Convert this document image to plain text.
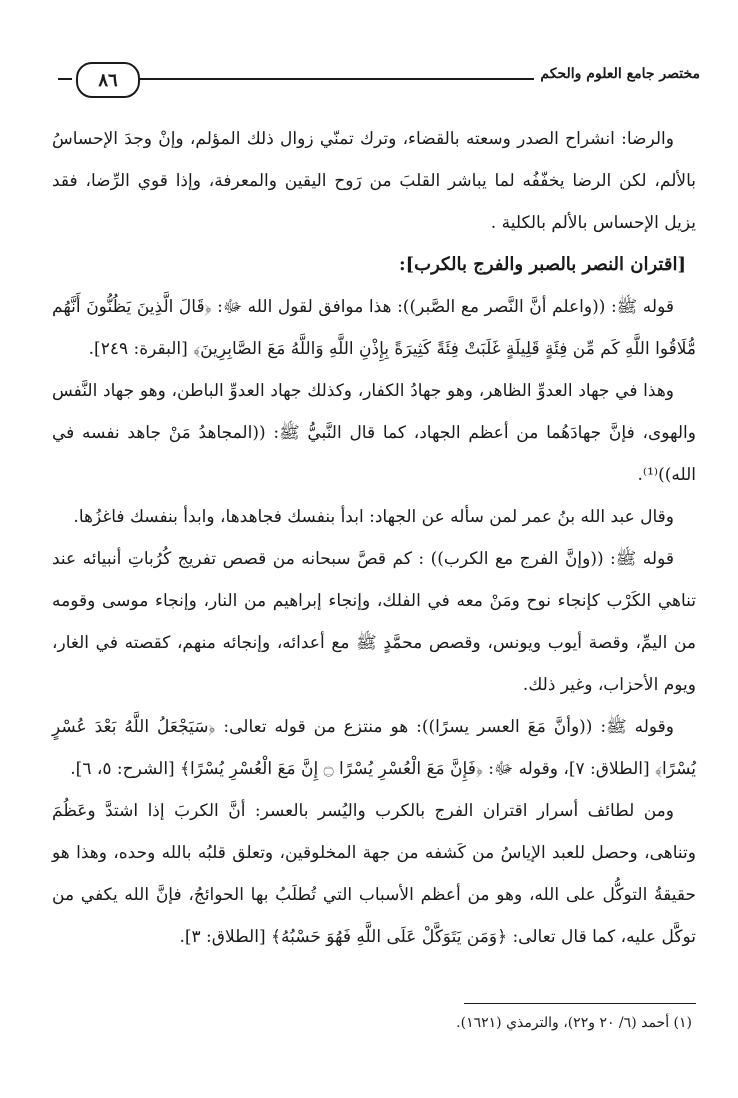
٨٦	مختصر جامع العلوم والحكم

والرضا: انشراح الصدر وسعته بالقضاء، وترك تمنّي زوال ذلك المؤلم، وإنْ وجدَ الإحساسُ بالألم، لكن الرضا يخفّفُه لما يباشر القلبَ من رَوح اليقين والمعرفة، وإذا قوي الرِّضا، فقد يزيل الإحساس بالألم بالكلية .

[اقتران النصر بالصبر والفرج بالكرب]:

قوله ﷺ: ((واعلم أنَّ النَّصر مع الصَّبر)): هذا موافق لقول الله ﷻ: ﴿قَالَ الَّذِينَ يَظُنُّونَ أَنَّهُم مُّلَاقُوا اللَّهِ كَم مِّن فِئَةٍ قَلِيلَةٍ غَلَبَتْ فِئَةً كَثِيرَةً بِإِذْنِ اللَّهِ وَاللَّهُ مَعَ الصَّابِرِينَ﴾ [البقرة: ٢٤٩].

وهذا في جهاد العدوِّ الظاهر، وهو جهادُ الكفار، وكذلك جهاد العدوِّ الباطن، وهو جهاد النَّفس والهوى، فإنَّ جهادَهُما من أعظم الجهاد، كما قال النَّبيُّ ﷺ: ((المجاهدُ مَنْ جاهد نفسه في الله))⁽¹⁾.

وقال عبد الله بنُ عمر لمن سأله عن الجهاد: ابدأ بنفسك فجاهدها، وابدأ بنفسك فاغزُها.

قوله ﷺ: ((وإنَّ الفرج مع الكرب)) : كم قصَّ سبحانه من قصص تفريج كُرُباتِ أنبيائه عند تناهي الكَرْب كإنجاء نوح ومَنْ معه في الفلك، وإنجاء إبراهيم من النار، وإنجاء موسى وقومه من اليمِّ، وقصة أيوب ويونس، وقصص محمَّدٍ ﷺ مع أعدائه، وإنجائه منهم، كقصته في الغار، ويوم الأحزاب، وغير ذلك.

وقوله ﷺ: ((وأنَّ مَعَ العسر يسرًا)): هو منتزع من قوله تعالى: ﴿سَيَجْعَلُ اللَّهُ بَعْدَ عُسْرٍ يُسْرًا﴾ [الطلاق: ٧]، وقوله ﷻ: ﴿فَإِنَّ مَعَ الْعُسْرِ يُسْرًا ۝ إِنَّ مَعَ الْعُسْرِ يُسْرًا﴾ [الشرح: ٥، ٦].

ومن لطائف أسرار اقتران الفرج بالكرب واليُسر بالعسر: أنَّ الكربَ إذا اشتدَّ وعَظُمَ وتناهى، وحصل للعبد الإياسُ من كَشفه من جهة المخلوقين، وتعلق قلبُه بالله وحده، وهذا هو حقيقةُ التوكُّل على الله، وهو من أعظم الأسباب التي تُطلَبُ بها الحوائجُ، فإنَّ الله يكفي من توكَّل عليه، كما قال تعالى: ﴿وَمَن يَتَوَكَّلْ عَلَى اللَّهِ فَهُوَ حَسْبُهُ﴾ [الطلاق: ٣].

(١) أحمد (٦/ ٢٠ و٢٢)، والترمذي (١٦٢١).
